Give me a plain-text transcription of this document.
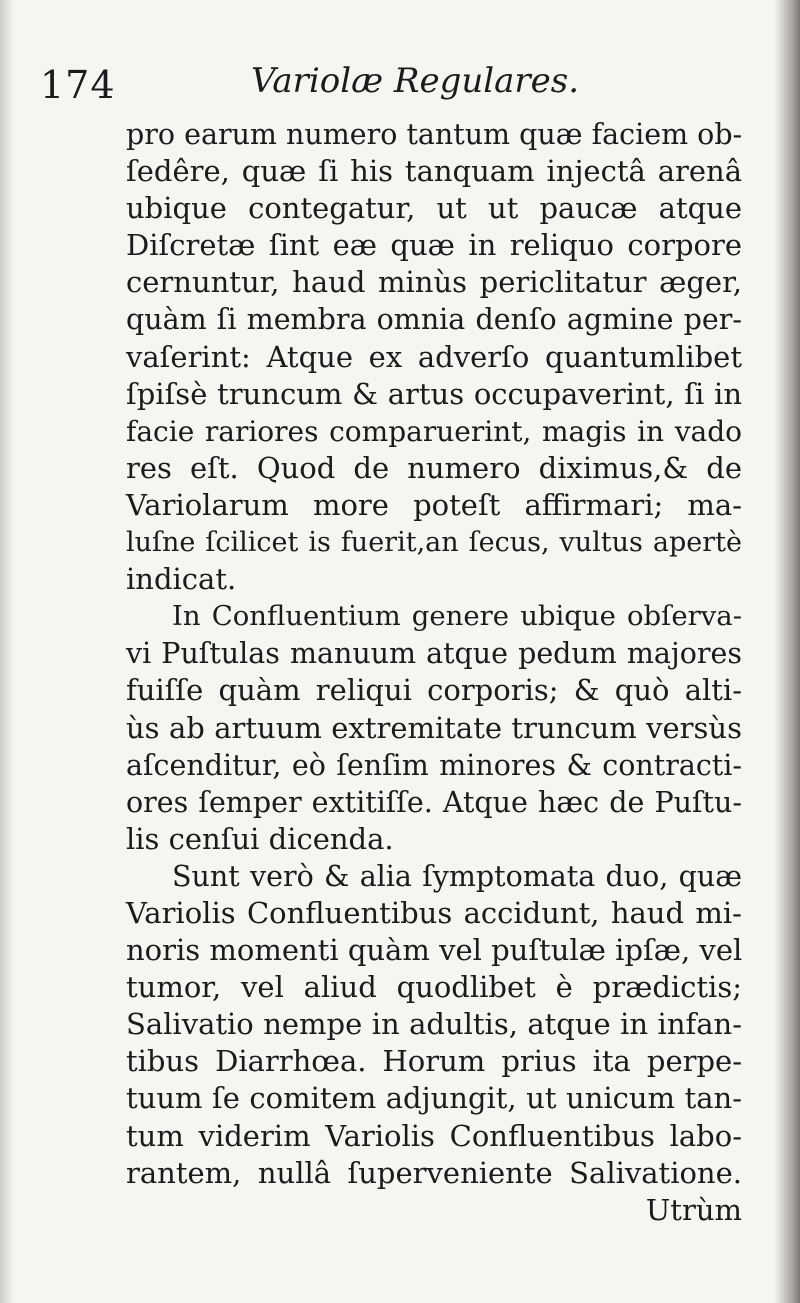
174	Variolæ Regulares.
pro earum numero tantum quæ faciem ob-
ſedêre, quæ ſi his tanquam injectâ arenâ
ubique contegatur, ut ut paucæ atque
Diſcretæ ſint eæ quæ in reliquo corpore
cernuntur, haud minùs periclitatur æger,
quàm ſi membra omnia denſo agmine per-
vaſerint: Atque ex adverſo quantumlibet
ſpiſsè truncum & artus occupaverint, ſi in
facie rariores comparuerint, magis in vado
res eſt. Quod de numero diximus,& de
Variolarum more poteſt affirmari; ma-
luſne ſcilicet is fuerit,an ſecus, vultus apertè
indicat.
In Confluentium genere ubique obſerva-
vi Puſtulas manuum atque pedum majores
fuiſſe quàm reliqui corporis; & quò alti-
ùs ab artuum extremitate truncum versùs
aſcenditur, eò ſenſim minores & contracti-
ores ſemper extitiſſe. Atque hæc de Puſtu-
lis cenſui dicenda.
Sunt verò & alia ſymptomata duo, quæ
Variolis Confluentibus accidunt, haud mi-
noris momenti quàm vel puſtulæ ipſæ, vel
tumor, vel aliud quodlibet è prædictis;
Salivatio nempe in adultis, atque in infan-
tibus Diarrhœa. Horum prius ita perpe-
tuum ſe comitem adjungit, ut unicum tan-
tum viderim Variolis Confluentibus labo-
rantem, nullâ ſuperveniente Salivatione.
Utrùm
